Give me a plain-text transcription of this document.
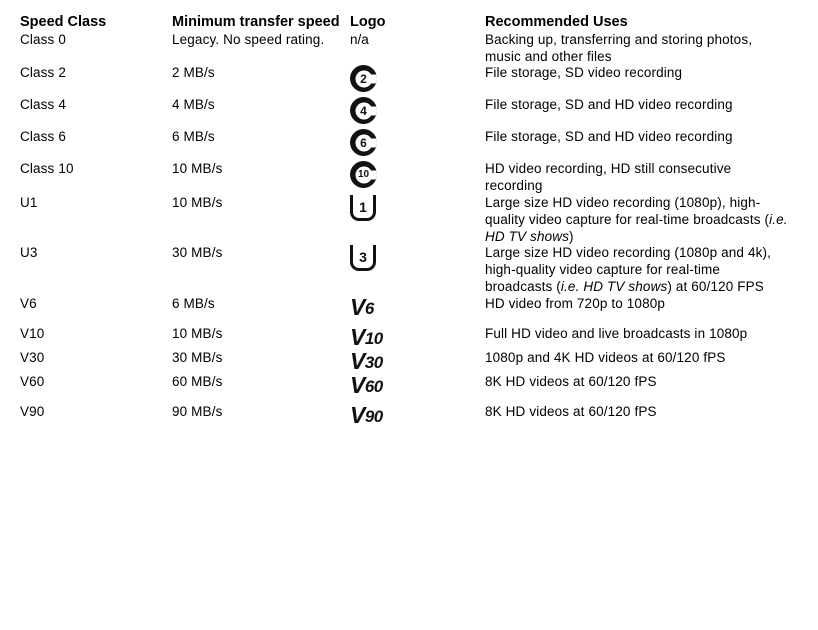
Speed Class	Minimum transfer speed	Logo	Recommended Uses
Class 0	Legacy. No speed rating.	n/a	Backing up, transferring and storing photos, music and other files
Class 2	2 MB/s	2	File storage, SD video recording
Class 4	4 MB/s	4	File storage, SD and HD video recording
Class 6	6 MB/s	6	File storage, SD and HD video recording
Class 10	10 MB/s	10	HD video recording, HD still consecutive recording
U1	10 MB/s	1	Large size HD video recording (1080p), high-quality video capture for real-time broadcasts (i.e. HD TV shows)
U3	30 MB/s	3	Large size HD video recording (1080p and 4k), high-quality video capture for real-time broadcasts (i.e. HD TV shows) at 60/120 FPS
V6	6 MB/s	V6	HD video from 720p to 1080p
V10	10 MB/s	V10	Full HD video and live broadcasts in 1080p
V30	30 MB/s	V30	1080p and 4K HD videos at 60/120 fPS
V60	60 MB/s	V60	8K HD videos at 60/120 fPS
V90	90 MB/s	V90	8K HD videos at 60/120 fPS
